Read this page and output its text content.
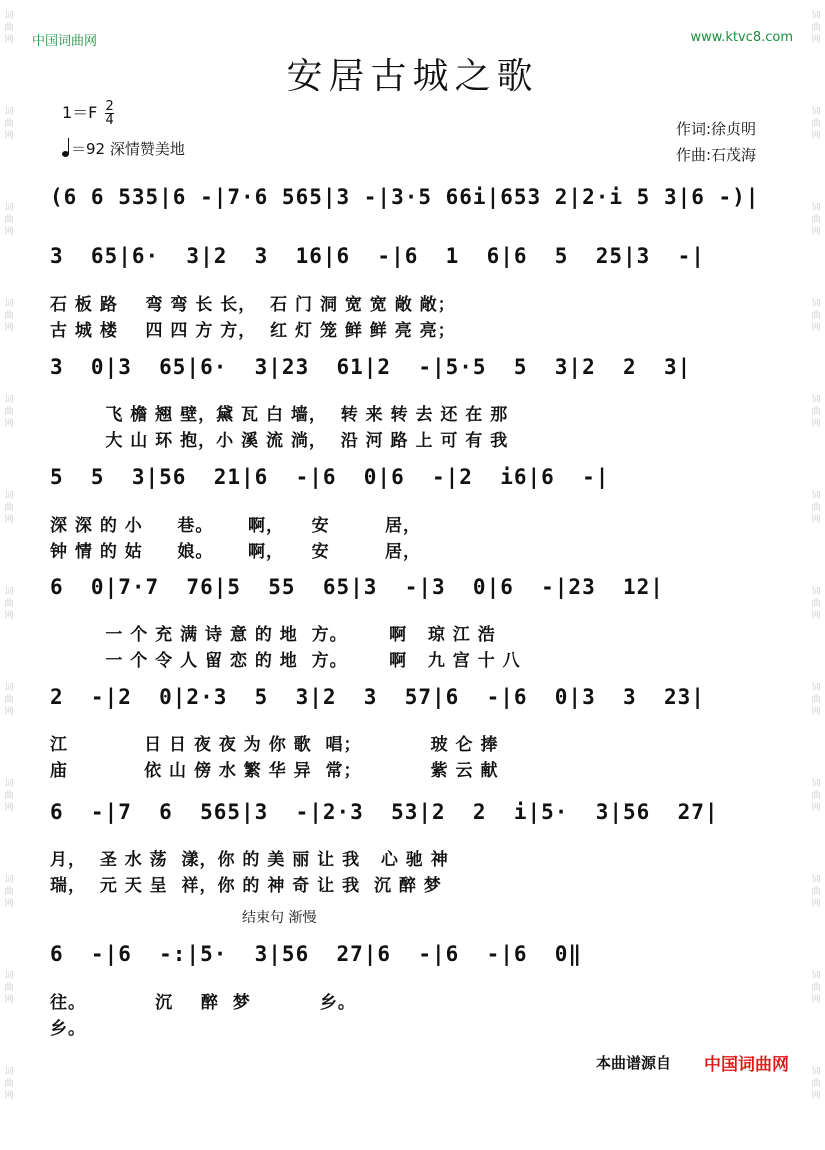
词
曲
网

词
曲
网

词
曲
网

词
曲
网

词
曲
网

词
曲
网

词
曲
网

词
曲
网

词
曲
网

词
曲
网

词
曲
网

词
曲
网

词
曲
网

词
曲
网

词
曲
网

词
曲
网

词
曲
网

词
曲
网

词
曲
网

词
曲
网

词
曲
网

词
曲
网

词
曲
网

词
曲
网

中国词曲网	www.ktvc8.com
安居古城之歌
$1=F \frac{2}{4}$
＝92 深情赞美地
作词:徐贞明
作曲:石茂海
(6 6 535|6 -|7·6 565|3 -|3·5 66i|653 2|2·i 5 3|6 -)|
3  65|6·  3|2  3  16|6  -|6  1  6|6  5  25|3  -|
石 板 路    弯 弯 长 长，  石 门 洞 宽 宽 敞 敞；
古 城 楼    四 四 方 方，  红 灯 笼 鲜 鲜 亮 亮；
3  0|3  65|6·  3|23  61|2  -|5·5  5  3|2  2  3|
飞 檐 翘 壁，黛 瓦 白 墙，  转 来 转 去 还 在 那
大 山 环 抱，小 溪 流 淌，  沿 河 路 上 可 有 我
5  5  3|56  21|6  -|6  0|6  -|2  i6|6  -|
深 深 的 小     巷。     啊，    安        居，
钟 情 的 姑     娘。     啊，    安        居，
6  0|7·7  76|5  55  65|3  -|3  0|6  -|23  12|
一 个 充 满 诗 意 的 地  方。      啊   琼 江 浩
一 个 令 人 留 恋 的 地  方。      啊   九 宫 十 八
2  -|2  0|2·3  5  3|2  3  57|6  -|6  0|3  3  23|
江           日 日 夜 夜 为 你 歌  唱；          玻 仑 捧
庙           依 山 傍 水 繁 华 异  常；          紫 云 献
6  -|7  6  565|3  -|2·3  53|2  2  i|5·  3|56  27|
月，  圣 水 荡  漾，你 的 美 丽 让 我   心 驰 神
瑞，  元 天 呈  祥，你 的 神 奇 让 我  沉 醉 梦
结束句 渐慢
6  -|6  -:|5·  3|56  27|6  -|6  -|6  0‖
往。          沉    醉  梦          乡。
乡。
本曲谱源自 中国词曲网
